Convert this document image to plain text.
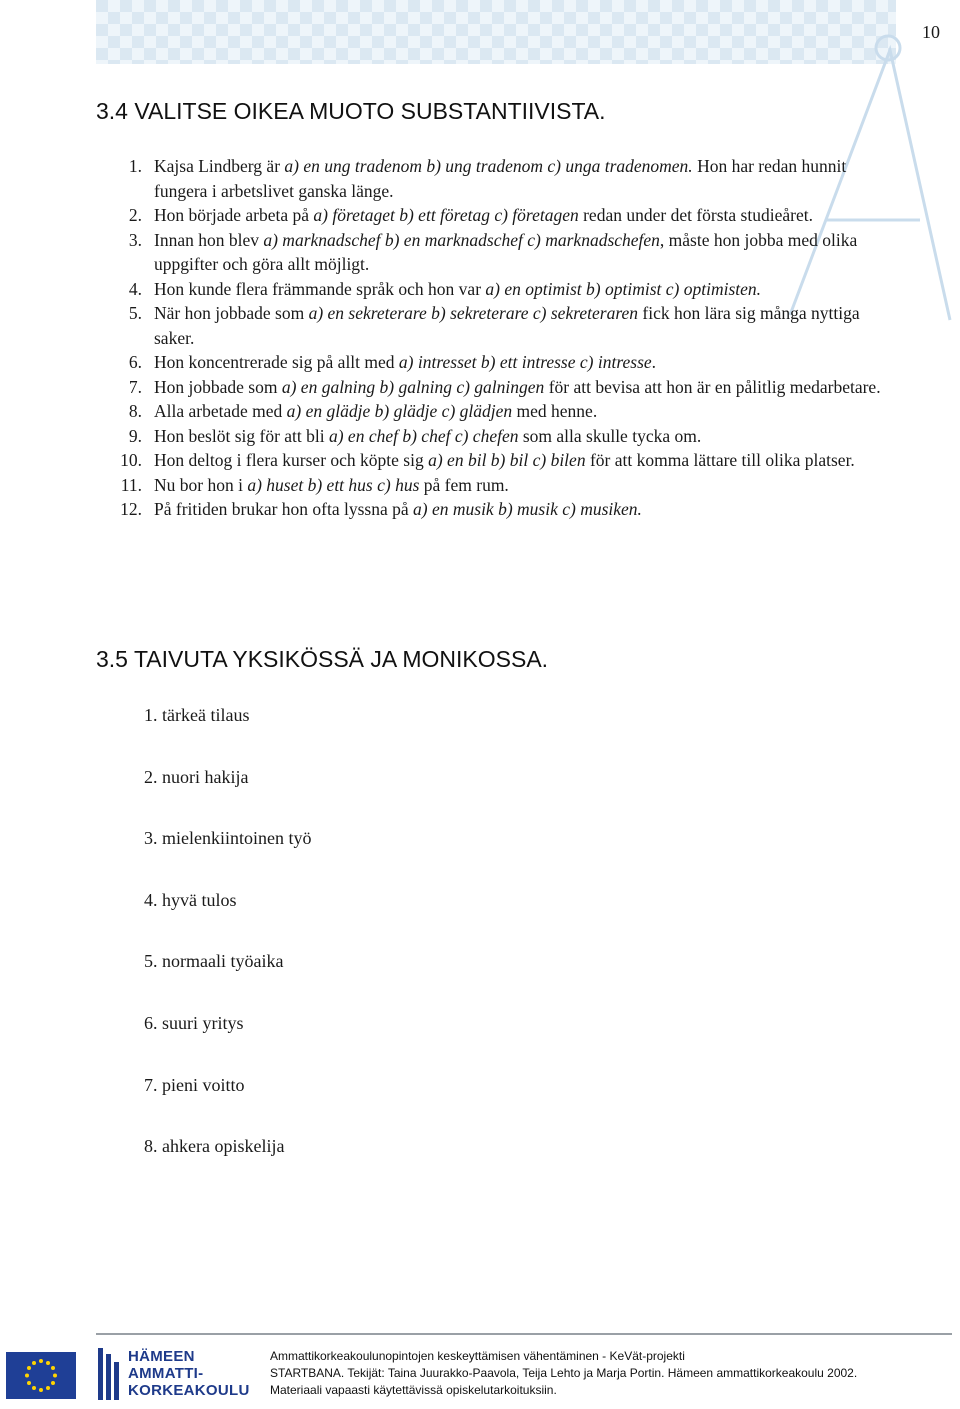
10
3.4 VALITSE OIKEA MUOTO SUBSTANTIIVISTA.
1. Kajsa Lindberg är a) en ung tradenom b) ung tradenom c) unga tradenomen. Hon har redan hunnit fungera i arbetslivet ganska länge.
2. Hon började arbeta på a) företaget b) ett företag c) företagen redan under det första studieåret.
3. Innan hon blev a) marknadschef b) en marknadschef c) marknadschefen, måste hon jobba med olika uppgifter och göra allt möjligt.
4. Hon kunde flera främmande språk och hon var a) en optimist b) optimist c) optimisten.
5. När hon jobbade som a) en sekreterare b) sekreterare c) sekreteraren fick hon lära sig många nyttiga saker.
6. Hon koncentrerade sig på allt med a) intresset b) ett intresse c) intresse.
7. Hon jobbade som a) en galning b) galning c) galningen för att bevisa att hon är en pålitlig medarbetare.
8. Alla arbetade med a) en glädje b) glädje c) glädjen med henne.
9. Hon beslöt sig för att bli a) en chef b) chef c) chefen som alla skulle tycka om.
10. Hon deltog i flera kurser och köpte sig a) en bil b) bil c) bilen för att komma lättare till olika platser.
11. Nu bor hon i a) huset b) ett hus c) hus på fem rum.
12. På fritiden brukar hon ofta lyssna på a) en musik b) musik c) musiken.
3.5 TAIVUTA YKSIKÖSSÄ JA MONIKOSSA.
1. tärkeä tilaus
2. nuori hakija
3. mielenkiintoinen työ
4. hyvä tulos
5. normaali työaika
6. suuri yritys
7. pieni voitto
8. ahkera opiskelija
HÄMEEN
AMMATTI-
KORKEAKOULU
Ammattikorkeakoulunopintojen keskeyttämisen vähentäminen - KeVät-projekti
STARTBANA. Tekijät: Taina Juurakko-Paavola, Teija Lehto ja Marja Portin. Hämeen ammattikorkeakoulu 2002.
Materiaali vapaasti käytettävissä opiskelutarkoituksiin.
